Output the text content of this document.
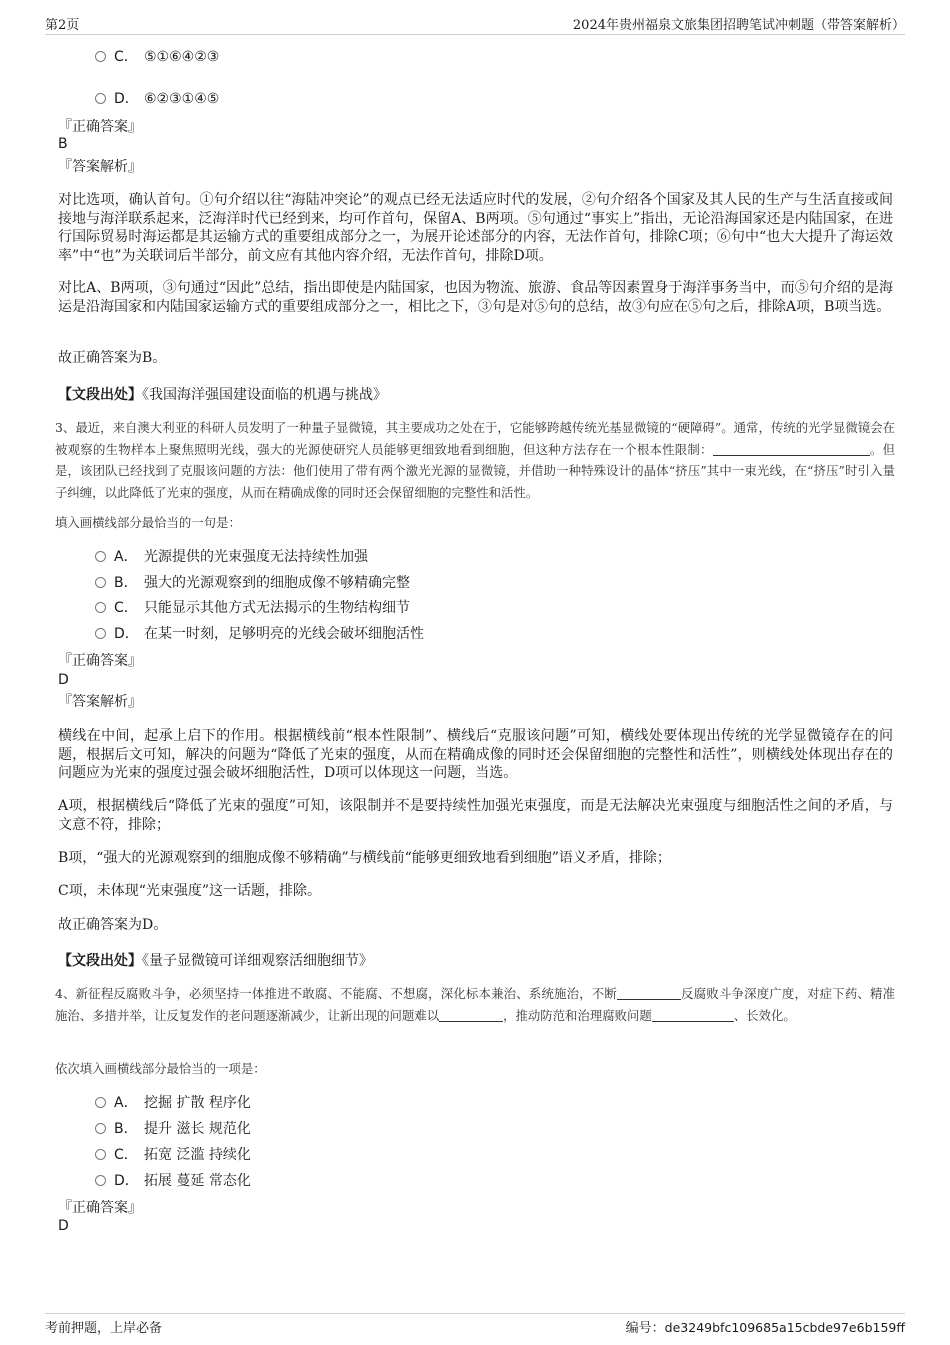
第2页	2024年贵州福泉文旅集团招聘笔试冲刺题（带答案解析）
C． ⑤①⑥④②③
D． ⑥②③①④⑤
『正确答案』
B
『答案解析』
对比选项，确认首句。①句介绍以往“海陆冲突论”的观点已经无法适应时代的发展，②句介绍各个国家及其人民的生产与生活直接或间接地与海洋联系起来，泛海洋时代已经到来，均可作首句，保留A、B两项。⑤句通过“事实上”指出，无论沿海国家还是内陆国家，在进行国际贸易时海运都是其运输方式的重要组成部分之一，为展开论述部分的内容，无法作首句，排除C项；⑥句中“也大大提升了海运效率”中“也”为关联词后半部分，前文应有其他内容介绍，无法作首句，排除D项。
对比A、B两项，③句通过“因此”总结，指出即使是内陆国家，也因为物流、旅游、食品等因素置身于海洋事务当中，而⑤句介绍的是海运是沿海国家和内陆国家运输方式的重要组成部分之一，相比之下，③句是对⑤句的总结，故③句应在⑤句之后，排除A项，B项当选。
故正确答案为B。
【文段出处】《我国海洋强国建设面临的机遇与挑战》
3、最近，来自澳大利亚的科研人员发明了一种量子显微镜，其主要成功之处在于，它能够跨越传统光基显微镜的“硬障碍”。通常，传统的光学显微镜会在被观察的生物样本上聚焦照明光线，强大的光源使研究人员能够更细致地看到细胞，但这种方法存在一个根本性限制：	。但是，该团队已经找到了克服该问题的方法：他们使用了带有两个激光光源的显微镜，并借助一种特殊设计的晶体“挤压”其中一束光线，在“挤压”时引入量子纠缠，以此降低了光束的强度，从而在精确成像的同时还会保留细胞的完整性和活性。
填入画横线部分最恰当的一句是：
A． 光源提供的光束强度无法持续性加强
B． 强大的光源观察到的细胞成像不够精确完整
C． 只能显示其他方式无法揭示的生物结构细节
D． 在某一时刻，足够明亮的光线会破坏细胞活性
『正确答案』
D
『答案解析』
横线在中间，起承上启下的作用。根据横线前“根本性限制”、横线后“克服该问题”可知，横线处要体现出传统的光学显微镜存在的问题，根据后文可知，解决的问题为“降低了光束的强度，从而在精确成像的同时还会保留细胞的完整性和活性”，则横线处体现出存在的问题应为光束的强度过强会破坏细胞活性，D项可以体现这一问题，当选。
A项，根据横线后“降低了光束的强度”可知，该限制并不是要持续性加强光束强度，而是无法解决光束强度与细胞活性之间的矛盾，与文意不符，排除；
B项，“强大的光源观察到的细胞成像不够精确”与横线前“能够更细致地看到细胞”语义矛盾，排除；
C项，未体现“光束强度”这一话题，排除。
故正确答案为D。
【文段出处】《量子显微镜可详细观察活细胞细节》
4、新征程反腐败斗争，必须坚持一体推进不敢腐、不能腐、不想腐，深化标本兼治、系统施治，不断	反腐败斗争深度广度，对症下药、精准施治、多措并举，让反复发作的老问题逐渐减少，让新出现的问题难以	，推动防范和治理腐败问题	、长效化。
依次填入画横线部分最恰当的一项是：
A． 挖掘 扩散 程序化
B． 提升 滋长 规范化
C． 拓宽 泛滥 持续化
D． 拓展 蔓延 常态化
『正确答案』
D
考前押题，上岸必备	编号：de3249bfc109685a15cbde97e6b159ff
